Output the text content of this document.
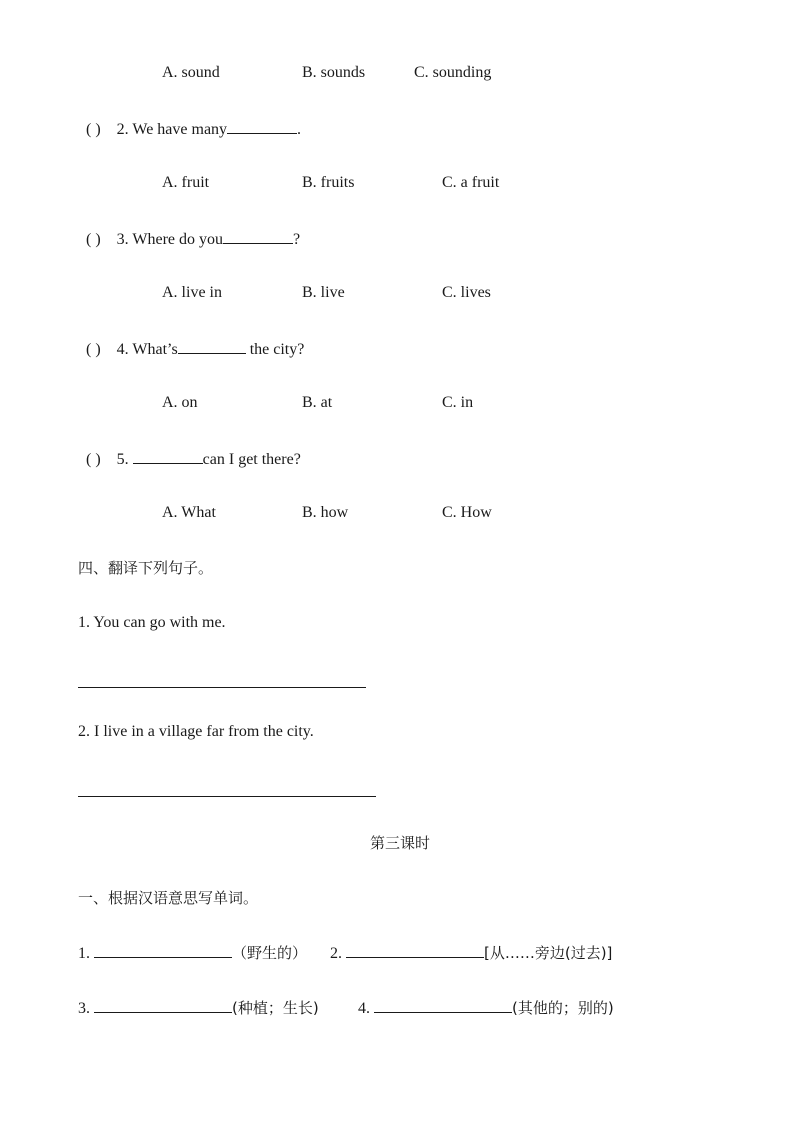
A. sound	B. sounds	C. sounding
( ) 2. We have many	.
A. fruit	B. fruits	C. a fruit
( ) 3. Where do you	?
A. live in	B. live	C. lives
( ) 4. What’s	the city?
A. on	B. at	C. in
( ) 5.	can I get there?
A. What	B. how	C. How
四、翻译下列句子。
1. You can go with me.
2. I live in a village far from the city.
第三课时
一、根据汉语意思写单词。
1.	（野生的） 2.	[从……旁边(过去)]
3.	(种植；生长) 4.	(其他的；别的)
